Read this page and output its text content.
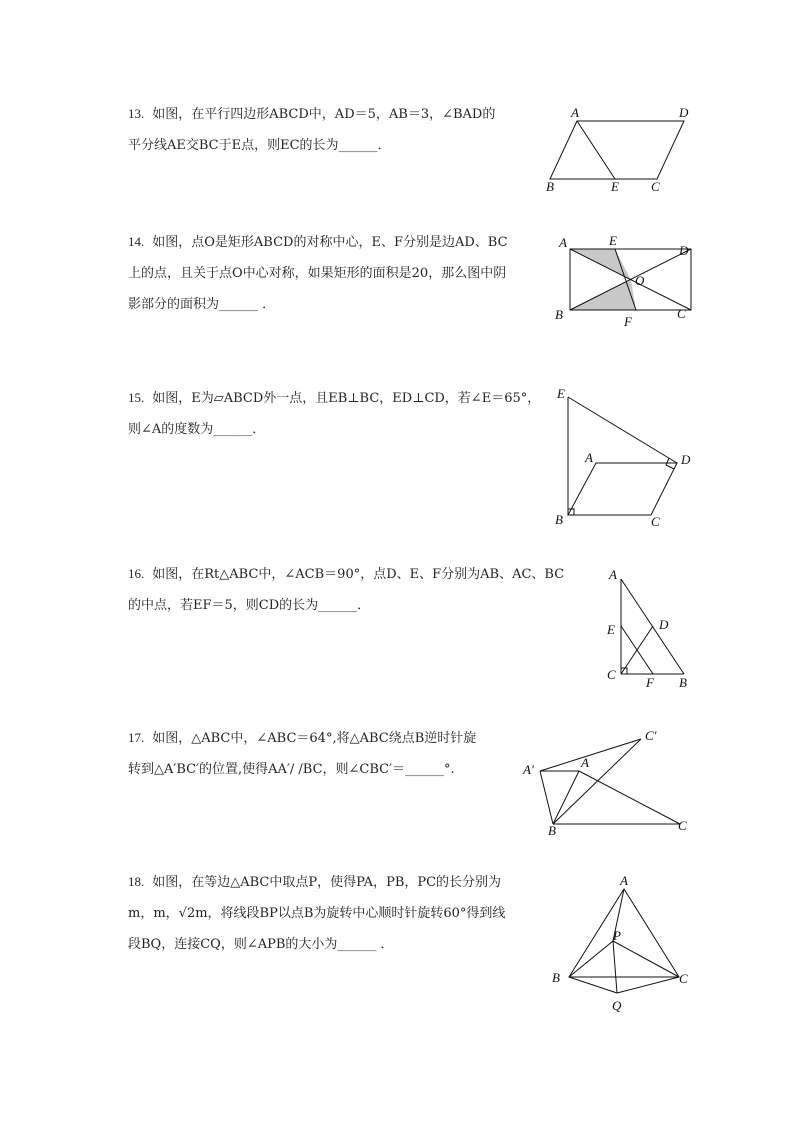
13. 如图，在平行四边形ABCD中，AD＝5，AB＝3，∠BAD的
平分线AE交BC于E点，则EC的长为______．
A	D
B	E C
14. 如图，点O是矩形ABCD的对称中心，E、F分别是边AD、BC
上的点，且关于点O中心对称，如果矩形的面积是20，那么图中阴
影部分的面积为______ ．
A	E
D
O
B	F
C
15. 如图，E为▱ABCD外一点，且EB⊥BC，ED⊥CD，若∠E＝65°，
则∠A的度数为______．
E
A	D
B	C
16. 如图，在Rt△ABC中，∠ACB＝90°，点D、E、F分别为AB、AC、BC
的中点，若EF＝5，则CD的长为______．
A
E	D
C
F B
17. 如图，△ABC中，∠ABC＝64°,将△ABC绕点B逆时针旋
转到△A′BC′的位置,使得AA′/ /BC，则∠CBC′＝______°.
C′
A′	A
B	C
18. 如图，在等边△ABC中取点P，使得PA，PB，PC的长分别为
m，m，√2m，将线段BP以点B为旋转中心顺时针旋转60°得到线
段BQ，连接CQ，则∠APB的大小为______ ．
A
P
B	C
Q
